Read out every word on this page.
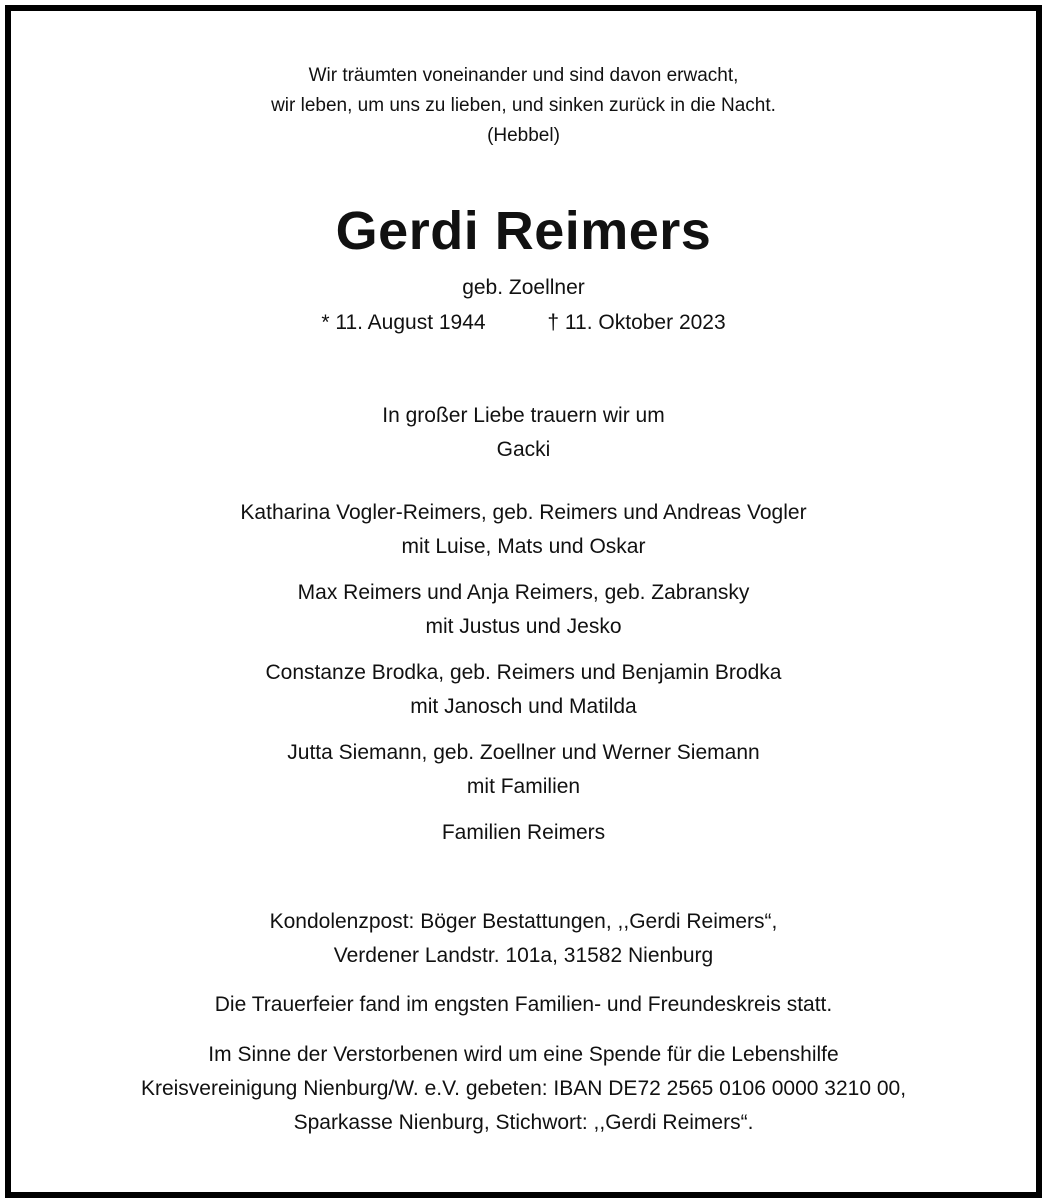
Wir träumten voneinander und sind davon erwacht,
wir leben, um uns zu lieben, und sinken zurück in die Nacht.
(Hebbel)
Gerdi Reimers
geb. Zoellner
* 11. August 1944	† 11. Oktober 2023
In großer Liebe trauern wir um
Gacki
Katharina Vogler-Reimers, geb. Reimers und Andreas Vogler
mit Luise, Mats und Oskar
Max Reimers und Anja Reimers, geb. Zabransky
mit Justus und Jesko
Constanze Brodka, geb. Reimers und Benjamin Brodka
mit Janosch und Matilda
Jutta Siemann, geb. Zoellner und Werner Siemann
mit Familien
Familien Reimers
Kondolenzpost: Böger Bestattungen, ,,Gerdi Reimers“,
Verdener Landstr. 101a, 31582 Nienburg
Die Trauerfeier fand im engsten Familien- und Freundeskreis statt.
Im Sinne der Verstorbenen wird um eine Spende für die Lebenshilfe
Kreisvereinigung Nienburg/W. e.V. gebeten: IBAN DE72 2565 0106 0000 3210 00,
Sparkasse Nienburg, Stichwort: ,,Gerdi Reimers“.
